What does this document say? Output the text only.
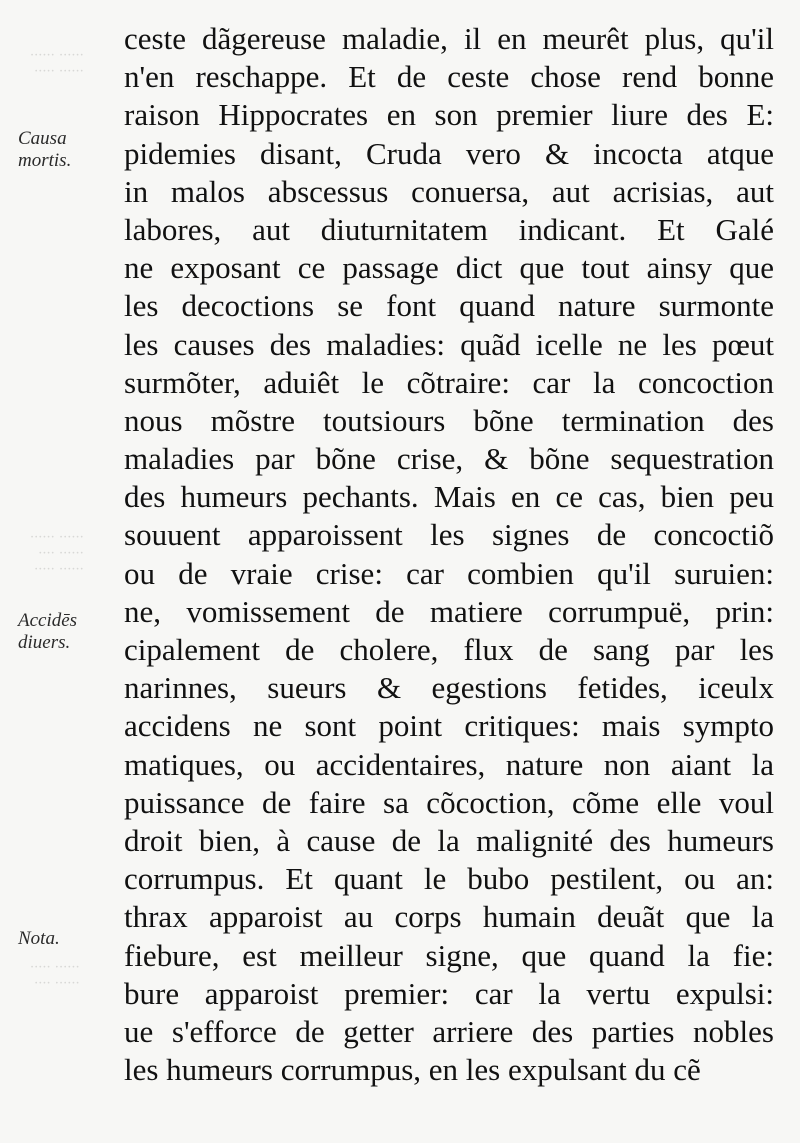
······ ······
······ ·····
······ ······
······ ····
······ ·····
······ ·····
······ ····
Causa
mortis.
Accidēs
diuers.
Nota.
ceste dãgereuse maladie, il en meurêt plus, qu'il
n'en reschappe. Et de ceste chose rend bonne
raison Hippocrates en son premier liure des E:
pidemies disant, Cruda vero & incocta atque
in malos abscessus conuersa, aut acrisias, aut
labores, aut diuturnitatem indicant. Et Galé
ne exposant ce passage dict que tout ainsy que
les decoctions se font quand nature surmonte
les causes des maladies: quãd icelle ne les pœut
surmõter, aduiêt le cõtraire: car la concoction
nous mõstre toutsiours bõne termination des
maladies par bõne crise, & bõne sequestration
des humeurs pechants. Mais en ce cas, bien peu
souuent apparoissent les signes de concoctiõ
ou de vraie crise: car combien qu'il suruien:
ne, vomissement de matiere corrumpuë, prin:
cipalement de cholere, flux de sang par les
narinnes, sueurs & egestions fetides, iceulx
accidens ne sont point critiques: mais sympto
matiques, ou accidentaires, nature non aiant la
puissance de faire sa cõcoction, cõme elle voul
droit bien, à cause de la malignité des humeurs
corrumpus. Et quant le bubo pestilent, ou an:
thrax apparoist au corps humain deuãt que la
fiebure, est meilleur signe, que quand la fie:
bure apparoist premier: car la vertu expulsi:
ue s'efforce de getter arriere des parties nobles
les humeurs corrumpus, en les expulsant du cẽ
